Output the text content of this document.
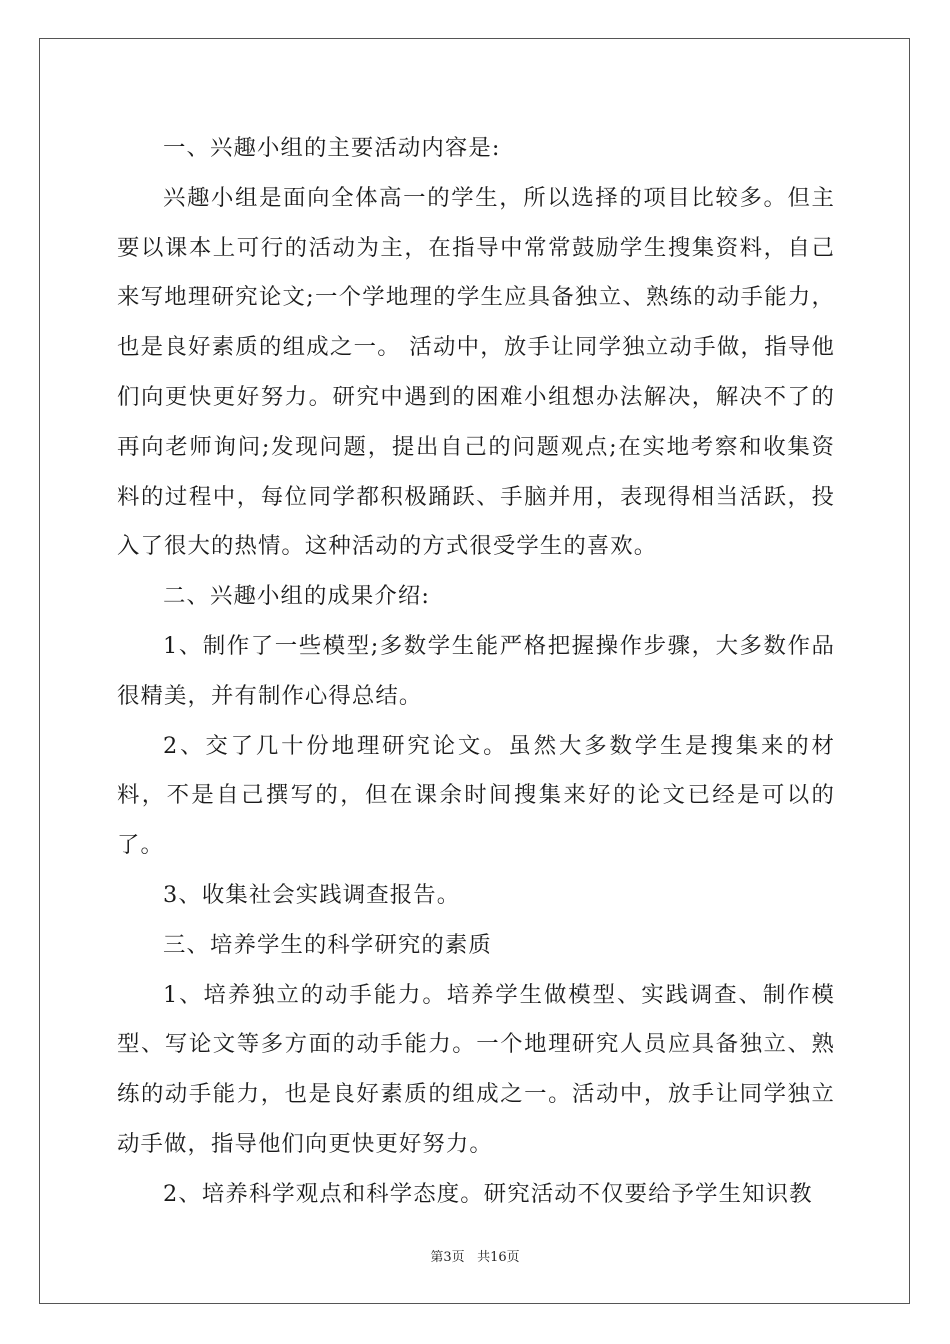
一、兴趣小组的主要活动内容是:

兴趣小组是面向全体高一的学生，所以选择的项目比较多。但主要以课本上可行的活动为主，在指导中常常鼓励学生搜集资料，自己来写地理研究论文;一个学地理的学生应具备独立、熟练的动手能力，也是良好素质的组成之一。 活动中，放手让同学独立动手做，指导他们向更快更好努力。研究中遇到的困难小组想办法解决，解决不了的再向老师询问;发现问题，提出自己的问题观点;在实地考察和收集资料的过程中，每位同学都积极踊跃、手脑并用，表现得相当活跃，投入了很大的热情。这种活动的方式很受学生的喜欢。

二、兴趣小组的成果介绍:

1、制作了一些模型;多数学生能严格把握操作步骤，大多数作品很精美，并有制作心得总结。

2、交了几十份地理研究论文。虽然大多数学生是搜集来的材料，不是自己撰写的，但在课余时间搜集来好的论文已经是可以的了。

3、收集社会实践调查报告。

三、培养学生的科学研究的素质

1、培养独立的动手能力。培养学生做模型、实践调查、制作模型、写论文等多方面的动手能力。一个地理研究人员应具备独立、熟练的动手能力，也是良好素质的组成之一。活动中，放手让同学独立动手做，指导他们向更快更好努力。

2、培养科学观点和科学态度。研究活动不仅要给予学生知识教

第3页 共16页
